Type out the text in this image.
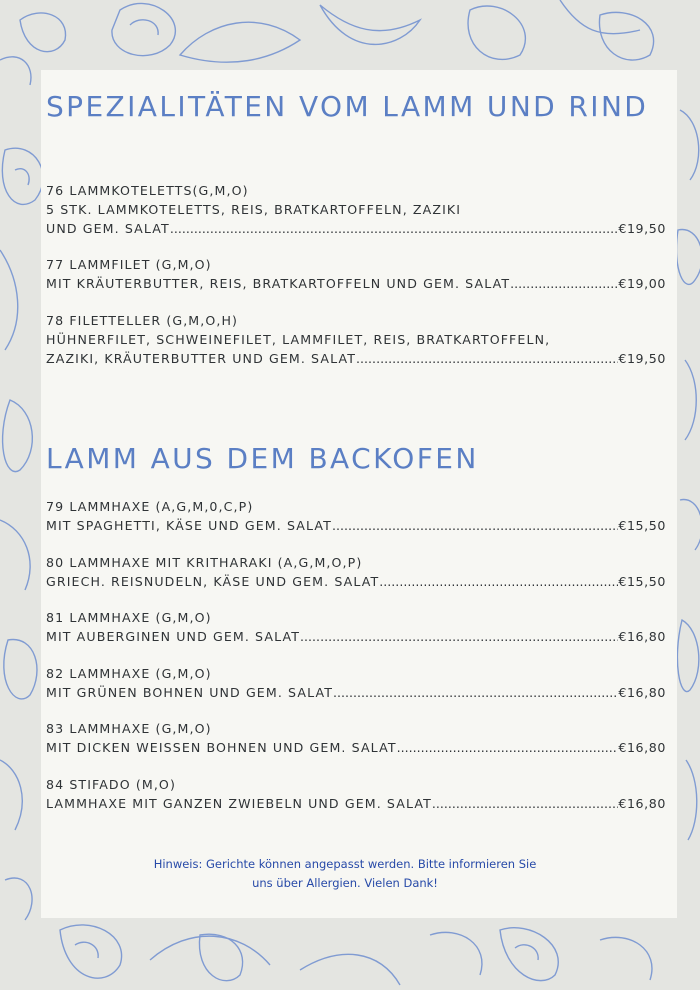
SPEZIALITÄTEN VOM LAMM UND RIND
76 LAMMKOTELETTS(G,M,O)
5 STK. LAMMKOTELETTS, REIS, BRATKARTOFFELN, ZAZIKI
UND GEM. SALAT .....	€19,50
77 LAMMFILET (G,M,O)
MIT KRÄUTERBUTTER, REIS, BRATKARTOFFELN UND GEM. SALAT .....	€19,00
78 FILETTELLER (G,M,O,H)
HÜHNERFILET, SCHWEINEFILET, LAMMFILET, REIS, BRATKARTOFFELN,
ZAZIKI, KRÄUTERBUTTER UND GEM. SALAT .....	€19,50
LAMM AUS DEM BACKOFEN
79 LAMMHAXE (A,G,M,0,C,P)
MIT SPAGHETTI, KÄSE UND GEM. SALAT .....	€15,50
80 LAMMHAXE MIT KRITHARAKI (A,G,M,O,P)
GRIECH. REISNUDELN, KÄSE UND GEM. SALAT .....	€15,50
81 LAMMHAXE (G,M,O)
MIT AUBERGINEN UND GEM. SALAT .....	€16,80
82 LAMMHAXE (G,M,O)
MIT GRÜNEN BOHNEN UND GEM. SALAT .....	€16,80
83 LAMMHAXE (G,M,O)
MIT DICKEN WEISSEN BOHNEN UND GEM. SALAT .....	€16,80
84 STIFADO (M,O)
LAMMHAXE MIT GANZEN ZWIEBELN UND GEM. SALAT .....	€16,80
Hinweis: Gerichte können angepasst werden. Bitte informieren Sie
uns über Allergien. Vielen Dank!
